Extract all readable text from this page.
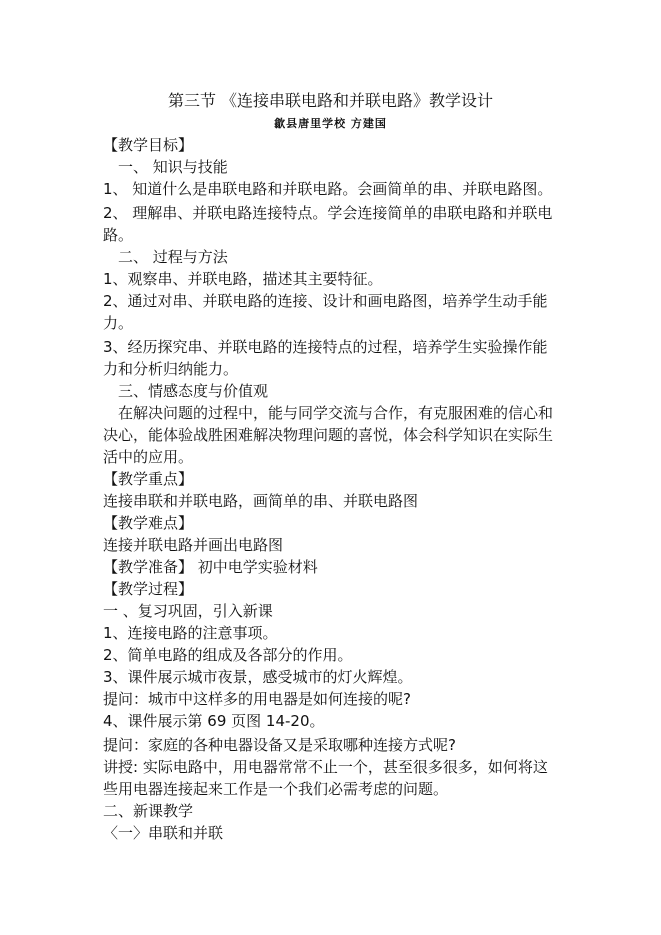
第三节 《连接串联电路和并联电路》教学设计
歙县唐里学校 方建国
【教学目标】
一、 知识与技能
1、 知道什么是串联电路和并联电路。会画简单的串、并联电路图。
2、 理解串、并联电路连接特点。学会连接简单的串联电路和并联电
路。
二、 过程与方法
1、观察串、并联电路，描述其主要特征。
2、通过对串、并联电路的连接、设计和画电路图，培养学生动手能
力。
3、经历探究串、并联电路的连接特点的过程，培养学生实验操作能
力和分析归纳能力。
三、情感态度与价值观
在解决问题的过程中，能与同学交流与合作，有克服困难的信心和
决心，能体验战胜困难解决物理问题的喜悦，体会科学知识在实际生
活中的应用。
【教学重点】
连接串联和并联电路，画简单的串、并联电路图
【教学难点】
连接并联电路并画出电路图
【教学准备】 初中电学实验材料
【教学过程】
一 、复习巩固，引入新课
1、连接电路的注意事项。
2、简单电路的组成及各部分的作用。
3、课件展示城市夜景，感受城市的灯火辉煌。
提问：城市中这样多的用电器是如何连接的呢?
4、课件展示第 69 页图 14-20。
提问：家庭的各种电器设备又是采取哪种连接方式呢?
讲授: 实际电路中，用电器常常不止一个，甚至很多很多，如何将这
些用电器连接起来工作是一个我们必需考虑的问题。
二、新课教学
〈一〉串联和并联
